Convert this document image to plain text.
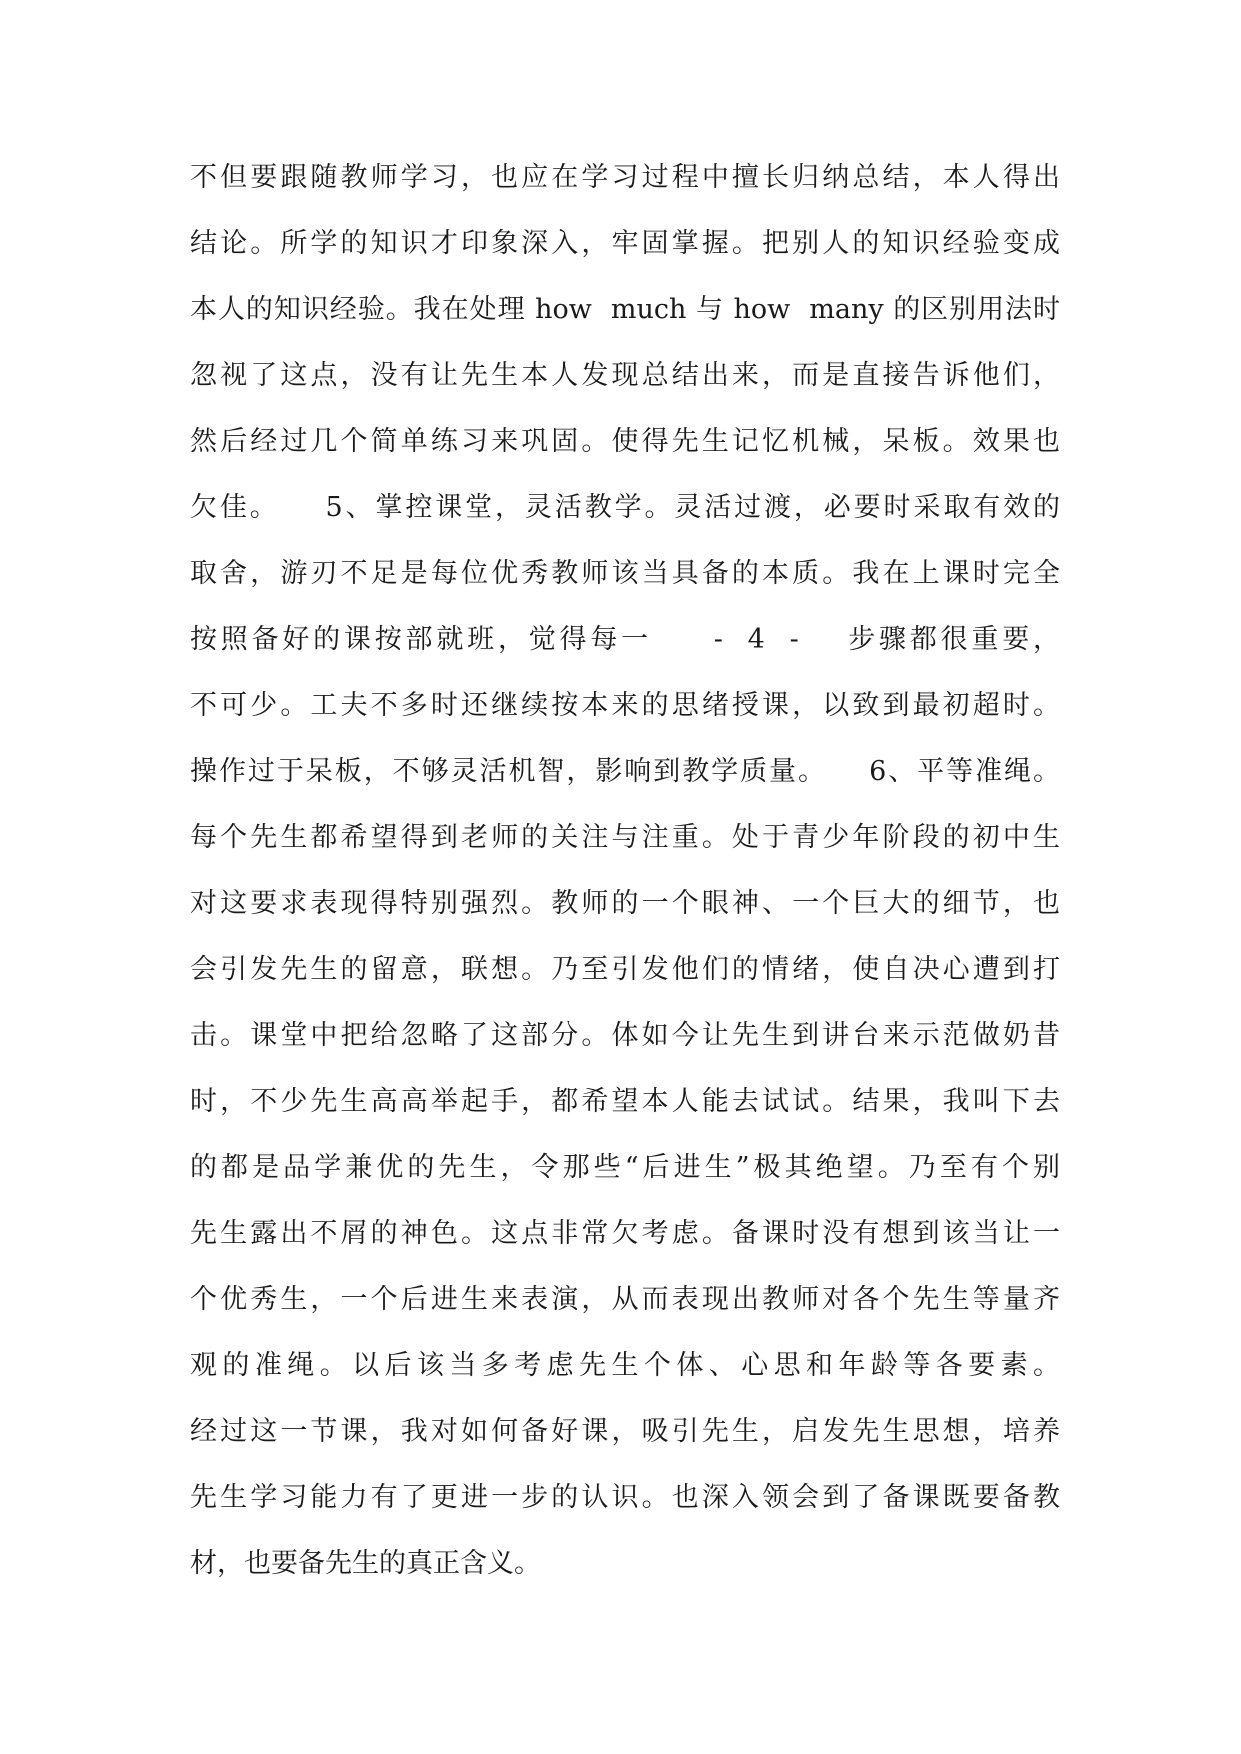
不但要跟随教师学习，也应在学习过程中擅长归纳总结，本人得出
结论。所学的知识才印象深入，牢固掌握。把别人的知识经验变成
本人的知识经验。我在处理 how  much 与 how  many 的区别用法时
忽视了这点，没有让先生本人发现总结出来，而是直接告诉他们，
然后经过几个简单练习来巩固。使得先生记忆机械，呆板。效果也
欠佳。    5、掌控课堂，灵活教学。灵活过渡，必要时采取有效的
取舍，游刃不足是每位优秀教师该当具备的本质。我在上课时完全
按照备好的课按部就班，觉得每一     -  4  -    步骤都很重要，
不可少。工夫不多时还继续按本来的思绪授课，以致到最初超时。
操作过于呆板，不够灵活机智，影响到教学质量。    6、平等准绳。
每个先生都希望得到老师的关注与注重。处于青少年阶段的初中生
对这要求表现得特别强烈。教师的一个眼神、一个巨大的细节，也
会引发先生的留意，联想。乃至引发他们的情绪，使自决心遭到打
击。课堂中把给忽略了这部分。体如今让先生到讲台来示范做奶昔
时，不少先生高高举起手，都希望本人能去试试。结果，我叫下去
的都是品学兼优的先生，令那些“后进生”极其绝望。乃至有个别
先生露出不屑的神色。这点非常欠考虑。备课时没有想到该当让一
个优秀生，一个后进生来表演，从而表现出教师对各个先生等量齐
观的准绳。以后该当多考虑先生个体、心思和年龄等各要素。
经过这一节课，我对如何备好课，吸引先生，启发先生思想，培养
先生学习能力有了更进一步的认识。也深入领会到了备课既要备教
材，也要备先生的真正含义。
